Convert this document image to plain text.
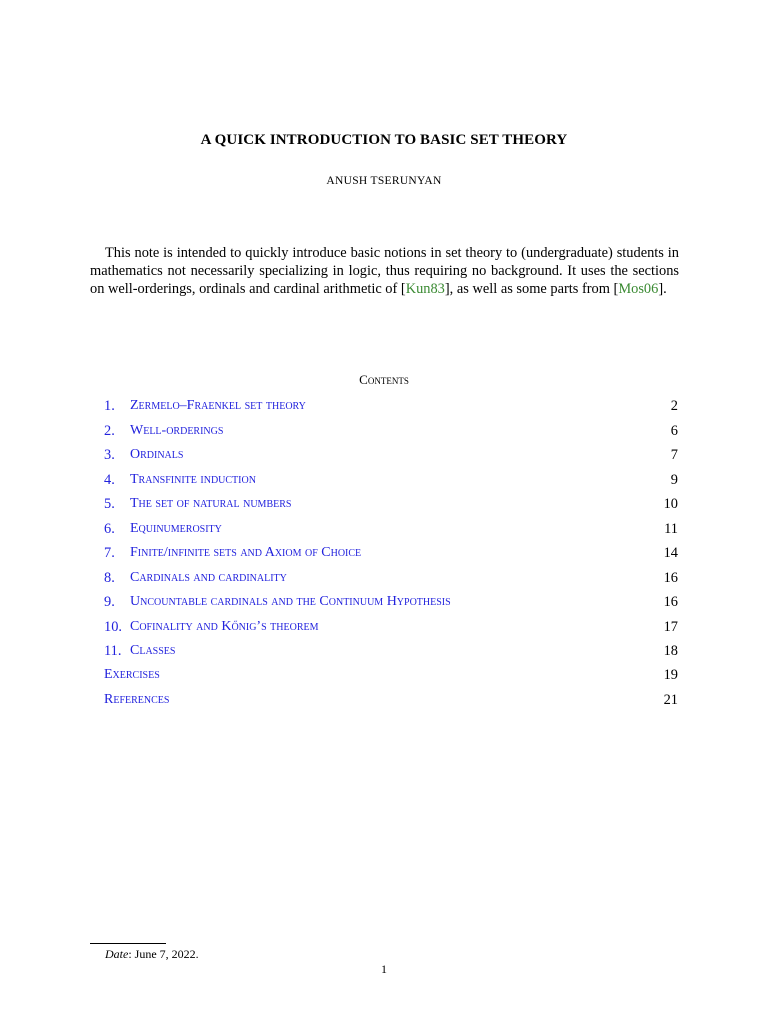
A QUICK INTRODUCTION TO BASIC SET THEORY
ANUSH TSERUNYAN
This note is intended to quickly introduce basic notions in set theory to (undergraduate) students in mathematics not necessarily specializing in logic, thus requiring no background. It uses the sections on well-orderings, ordinals and cardinal arithmetic of [Kun83], as well as some parts from [Mos06].
Contents
1. Zermelo–Fraenkel set theory	2
2. Well-orderings	6
3. Ordinals	7
4. Transfinite induction	9
5. The set of natural numbers	10
6. Equinumerosity	11
7. Finite/infinite sets and Axiom of Choice	14
8. Cardinals and cardinality	16
9. Uncountable cardinals and the Continuum Hypothesis	16
10. Cofinality and Kőnig’s theorem	17
11. Classes	18
Exercises	19
References	21
Date: June 7, 2022.
1
